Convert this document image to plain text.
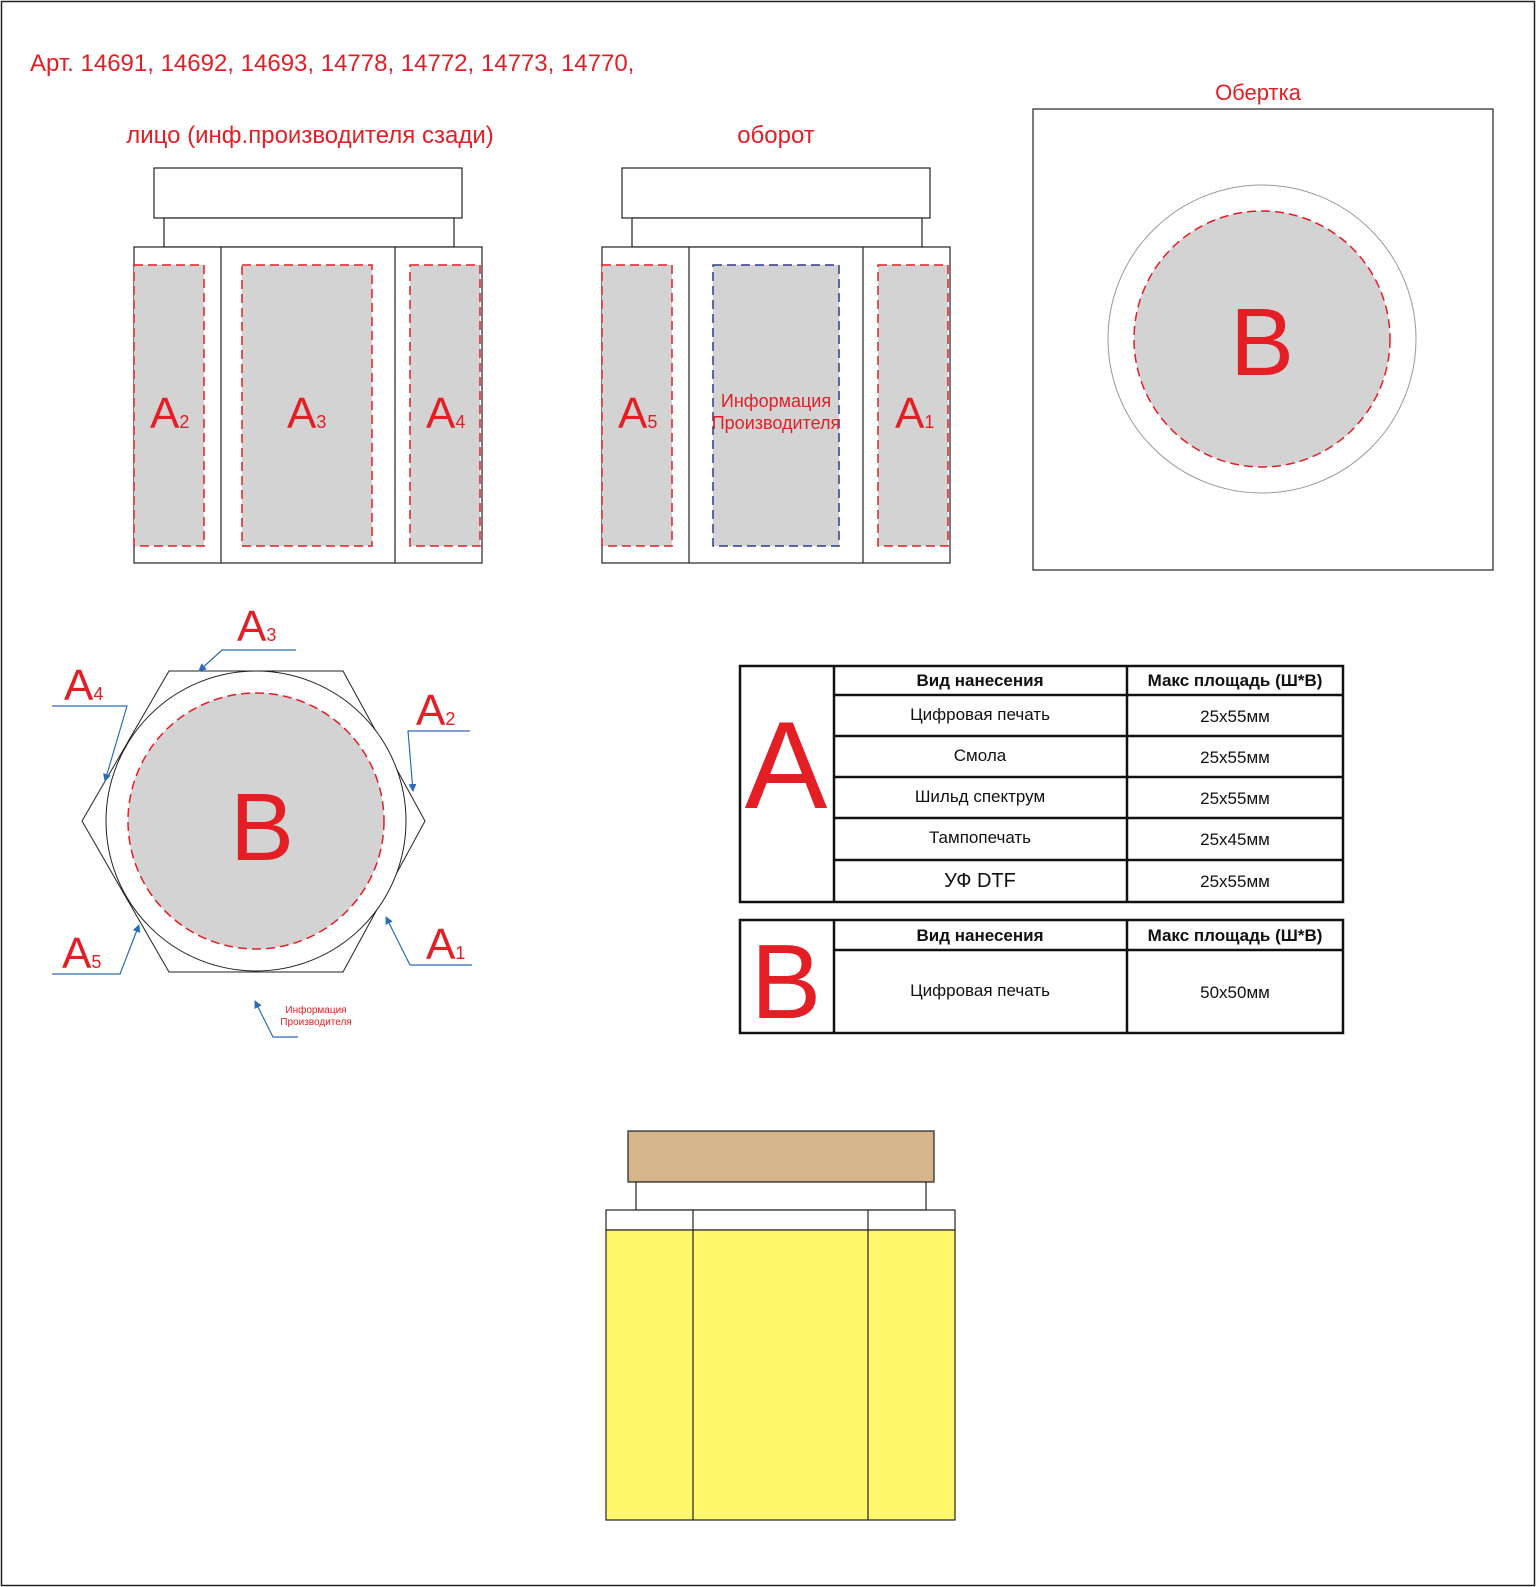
Арт. 14691, 14692, 14693, 14778, 14772, 14773, 14770,
лицо (инф.производителя сзади)	оборот
Обертка
A2 A3 A4	A5	A1
Информация
Производителя
B
B
A3
A4	A2
A1
A5
Информация
Производителя
A
Вид нанесения	Макс площадь (Ш*В)
Цифровая печать	25x55мм
Смола	25x55мм
Шильд спектрум	25x55мм
Тампопечать	25x45мм
УФ DTF	25x55мм
B	Вид нанесения	Макс площадь (Ш*В)
Цифровая печать	50x50мм
